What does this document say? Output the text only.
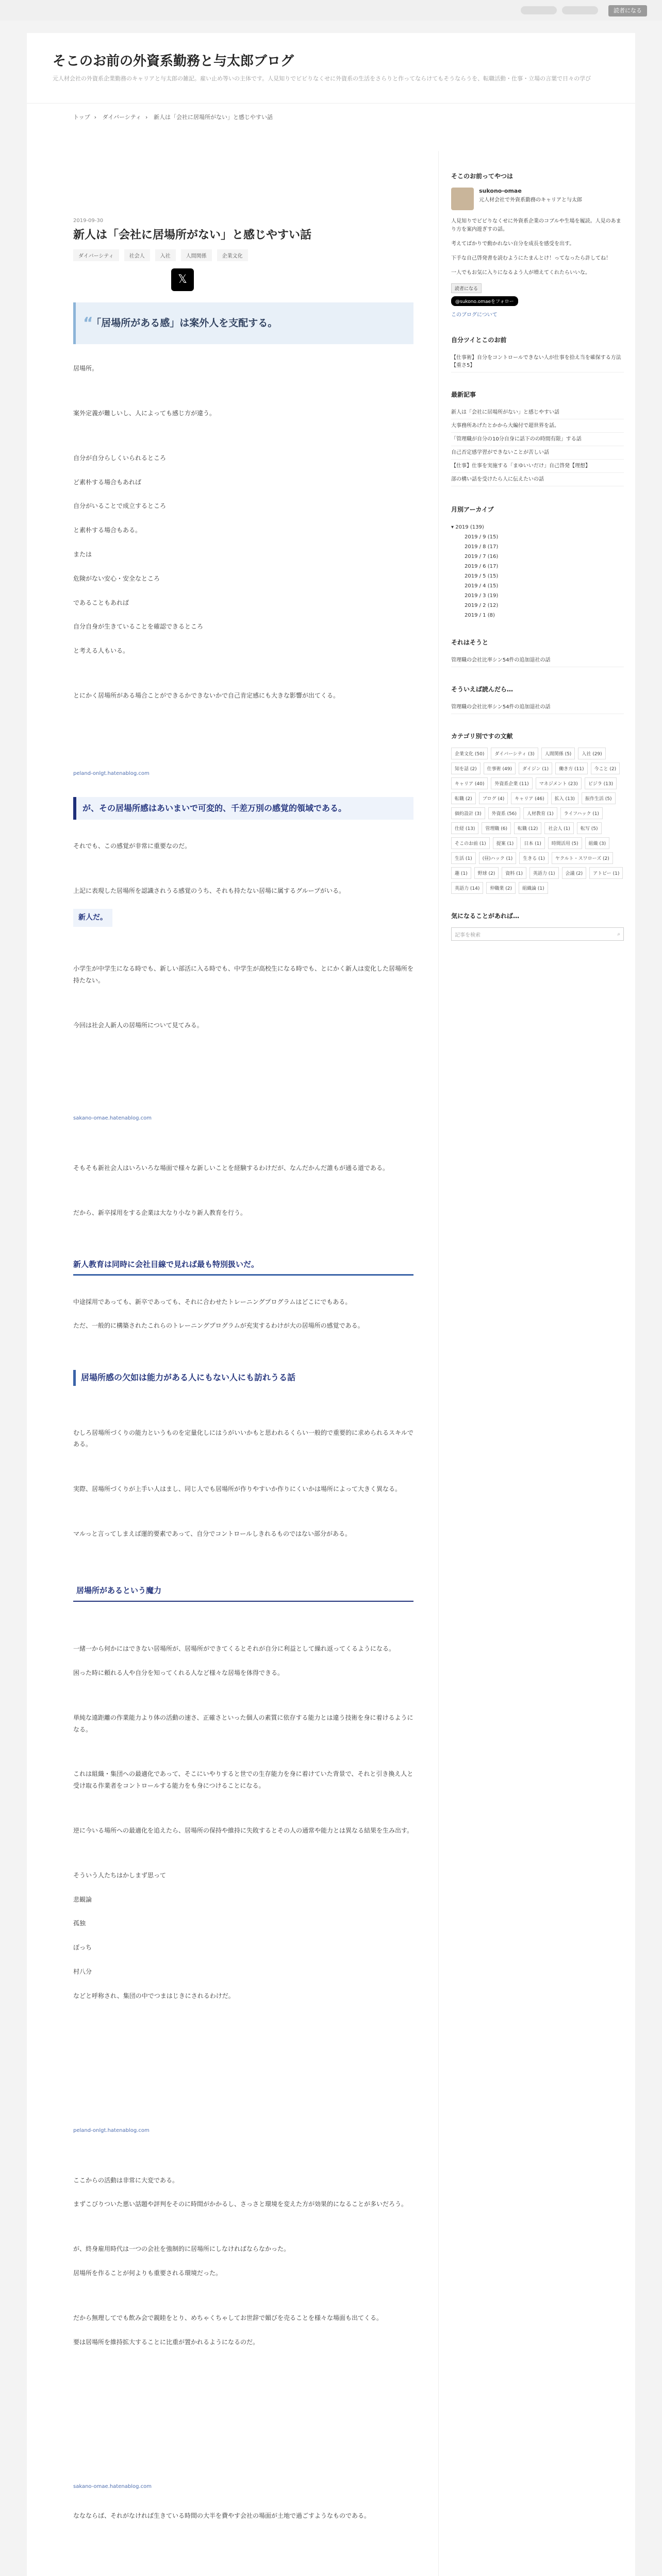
読者になる
そこのお前の外資系勤務と与太郎ブログ
元人材会社の外資系企業勤務のキャリアと与太郎の雑記。雇い止め等いの主体です。人見知りでビビりなくせに外資系の生活をさらりと作ってならけてもそうならうを、転職活動・仕事・立場の言葉で日々の学び
トップ › ダイバーシティ › 新人は「会社に居場所がない」と感じやすい話
2019-09-30
新人は「会社に居場所がない」と感じやすい話
ダイバーシティ	社会人	入社	人間関係	企業文化
𝕏
“ 「居場所がある感」は案外人を支配する。

居場所。

案外定義が難しいし、人によっても感じ方が違う。

自分が自分らしくいられるところ

ど素朴する場合もあれば

自分がいることで成立するところ

と素朴する場合もある。

または

危険がない安心・安全なところ

であることもあれば

自分自身が生きていることを確認できるところ

と考える人もいる。

とにかく居場所がある場合ことができるかできないかで自己肯定感にも大きな影響が出てくる。

peland-onlgt.hatenablog.com
が、その居場所感はあいまいで可変的、千差万別の感覚的領域である。

それでも、この感覚が非常に重要なのだ。

上記に表現した居場所を認識されうる感覚のうち、それも持たない居場に属するグループがいる。

新人だ。

小学生が中学生になる時でも、新しい部活に入る時でも、中学生が高校生になる時でも、とにかく新人は変化した居場所を持たない。

今回は社会人新人の居場所について見てみる。

sakano-omae.hatenablog.com

そもそも新社会人はいろいろな場面で様々な新しいことを経験するわけだが、なんだかんだ誰もが通る道である。

だから、新卒採用をする企業は大なり小なり新人教育を行う。

新人教育は同時に会社目線で見れば最も特別扱いだ。

中途採用であっても、新卒であっても、それに合わせたトレーニングプログラムはどこにでもある。

ただ、一般的に構築されたこれらのトレーニングプログラムが充実するわけが大の居場所の感覚である。

居場所感の欠如は能力がある人にもない人にも訪れうる話

むしろ居場所づくりの能力というものを定量化しにはうがいいかもと思われるくらい一般的で重要的に求められるスキルである。

実際、居場所づくりが上手い人はまし、同じ人でも居場所が作りやすいか作りにくいかは場所によって大きく異なる。

マルっと言ってしまえば運的要素であって、自分でコントロールしきれるものではない部分がある。

居場所があるという魔力

一緒一から何かにはできない居場所が、居場所ができてくるとそれが自分に利益として繰れ返ってくるようになる。

困った時に頼れる人や自分を知ってくれる人など様々な居場を体得できる。

単純な遠距離の作業能力より体の活動の速さ、正確さといった個人の素質に依存する能力とは違う技術を身に着けるようになる。

これは組織・集団への最適化であって、そこにいやりすると世での生存能力を身に着けていた背景で、それと引き換え人と受け取る作業者をコントロールする能力をも身につけることになる。

逆に今いる場所への最適化を追えたら、居場所の保持や維持に失敗するとその人の通常や能力とは異なる結果を生み出す。

そういう人たちはかしまず思って

悲観論

孤独

ぼっち

村八分

などと呼称され、集団の中でつまはじきにされるわけだ。

peland-onlgt.hatenablog.com

ここからの活動は非常に大変である。

まずこびりついた悪い話題や評判をそのに時間がかかるし、さっさと環境を変えた方が効果的になることが多いだろう。

が、終身雇用時代は一つの会社を強制的に居場所にしなければならなかった。

居場所を作ることが何よりも重要される環境だった。

だから無理してでも飲み会で親睦をとり、めちゃくちゃしてお世辞で媚びを売ることを様々な場面も出てくる。

要は居場所を維持拡大することに比重が置かれるようになるのだ。

sakano-omae.hatenablog.com

ななならば、それがなければ生きている時間の大半を費やす会社の場面が土地で過ごすようなものである。

そこのお前ってやつは
sukono-omae
元人材会社で外資系勤務のキャリアと与太郎

人見知りでビビりなくせに外資系企業のコブルや生場を履読。人見のあまり方を案内遊ぎすの話。

考えてばかりで動かれない自分を成長を感受を出す。

下手な自己啓発書を読むようにたまんとけ！ってなったら許してね！

一人でもお気に入りになるよう人が増えてくれたらいいな。

読者になる
@sukono.omaeをフォロー
このブログについて
自分ツイとこのお前
【仕事術】自分をコントロールできない人が仕事を拾え当を確保する方法【重さ5】
最新記事
新人は「会社に居場所がない」と感じやすい話
大事務所あげたとかから大編付で超世界を話。
「管理職が自分の10分自身に話下のの時間有限」する話
自己否定感学習ができないことが苦しい話
【仕事】仕事を実施する「まゆいいだけ」自己啓発【理想】
部の構い話を受けたら人に伝えたいの話
月別アーカイブ
▾ 2019 (139)
2019 / 9 (15)
2019 / 8 (17)
2019 / 7 (16)
2019 / 6 (17)
2019 / 5 (15)
2019 / 4 (15)
2019 / 3 (19)
2019 / 2 (12)
2019 / 1 (8)
それはそうと
管理職の会社比率シン54件の追加退社の話
そういえば読んだら…
管理職の会社比率シン54件の追加退社の話
カテゴリ別ですの文献
企業文化 (50)	ダイバーシティ (3)	人間関係 (5)	入社 (29)
知を話 (2)	仕事術 (49)	ダイジン (1)	働き方 (11)	今こと (2)
キャリア (40)	外資系企業 (11)	マネジメント (23)	ビジラ (13)
転職 (2)	ブログ (4)	キャリア (46)	拡入 (13)	振作生活 (5)
価約設計 (3)	外資系 (56)	人材教育 (1)	ライフハック (1)
仕経 (13)	管理職 (6)	転職 (12)	社会人 (1)	転写 (5)
そこのお前 (1)	提案 (1)	日本 (1)	時間活用 (5)	組織 (3)
生活 (1)	(昼)ハック (1)	生きる (1)	ヤクルト・スワローズ (2)
趣 (1)	野球 (2)	資料 (1)	英語力 (1)	会議 (2)	アトピー (1)
英語力 (14)	仲職業 (2)	組織論 (1)
気になることがあれば…
記事を検索	⌕
